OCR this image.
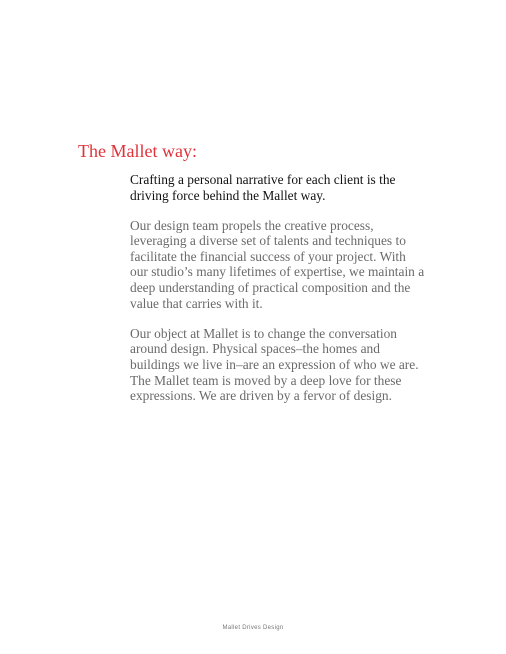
The Mallet way:

Crafting a personal narrative for each client is the
driving force behind the Mallet way.

Our design team propels the creative process,
leveraging a diverse set of talents and techniques to
facilitate the financial success of your project. With
our studio’s many lifetimes of expertise, we maintain a
deep understanding of practical composition and the
value that carries with it.

Our object at Mallet is to change the conversation
around design. Physical spaces–the homes and
buildings we live in–are an expression of who we are.
The Mallet team is moved by a deep love for these
expressions. We are driven by a fervor of design.

Mallet Drives Design
